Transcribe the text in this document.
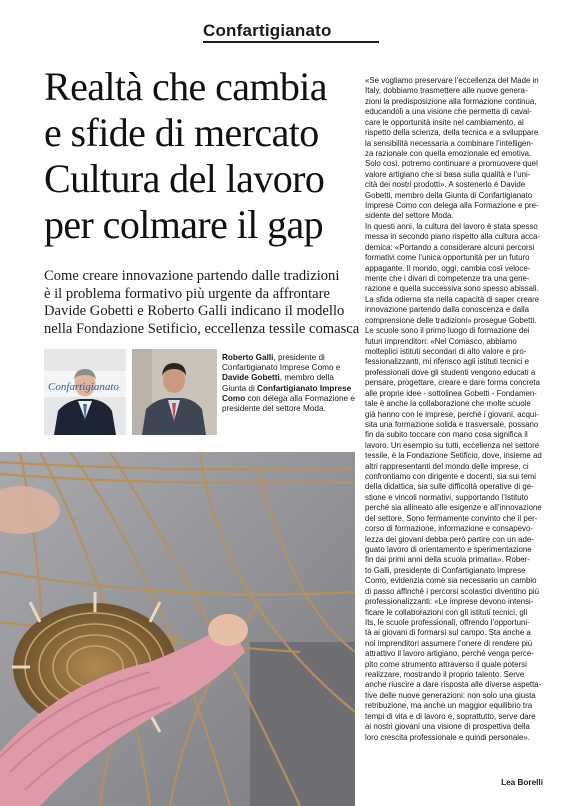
Confartigianato
Realtà che cambia
e sfide di mercato
Cultura del lavoro
per colmare il gap
Come creare innovazione partendo dalle tradizioni
è il problema formativo più urgente da affrontare
Davide Gobetti e Roberto Galli indicano il modello
nella Fondazione Setificio, eccellenza tessile comasca
Confartigianato
Roberto Galli, presidente di Confartigianato Imprese Como e Davide Gobetti, membro della Giunta di Confartigianato Imprese Como con delega alla Formazione e presidente del settore Moda.
«Se vogliamo preservare l’eccellenza del Made in
Italy, dobbiamo trasmettere alle nuove genera-
zioni la predisposizione alla formazione continua,
educandoli a una visione che permetta di caval-
care le opportunità insite nel cambiamento, al
rispetto della scienza, della tecnica e a sviluppare
la sensibilità necessaria a combinare l’intelligen-
za razionale con quella emozionale ed emotiva.
Solo così, potremo continuare a promuovere quel
valore artigiano che si basa sulla qualità e l’uni-
cità dei nostri prodotti». A sostenerlo è Davide
Gobetti, membro della Giunta di Confartigianato
Imprese Como con delega alla Formazione e pre-
sidente del settore Moda.
In questi anni, la cultura del lavoro è stata spesso
messa in secondo piano rispetto alla cultura acca-
demica: «Portando a considerare alcuni percorsi
formativi come l’unica opportunità per un futuro
appagante. Il mondo, oggi, cambia così veloce-
mente che i divari di competenze tra una gene-
razione e quella successiva sono spesso abissali.
La sfida odierna sta nella capacità di saper creare
innovazione partendo dalla conoscenza e dalla
comprensione delle tradizioni» prosegue Gobetti.
Le scuole sono il primo luogo di formazione dei
futuri imprenditori: «Nel Comasco, abbiamo
molteplici istituti secondari di alto valore e pro-
fessionalizzanti, mi riferisco agli istituti tecnici e
professionali dove gli studenti vengono educati a
pensare, progettare, creare e dare forma concreta
alle proprie idee - sottolinea Gobetti - Fondamen-
tale è anche la collaborazione che molte scuole
già hanno con le imprese, perché i giovani, acqui-
sita una formazione solida e trasversale, possano
fin da subito toccare con mano cosa significa il
lavoro. Un esempio su tutti, eccellenza nel settore
tessile, è la Fondazione Setificio, dove, insieme ad
altri rappresentanti del mondo delle imprese, ci
confrontiamo con dirigente e docenti, sia sui temi
della didattica, sia sulle difficoltà operative di ge-
stione e vincoli normativi, supportando l’Istituto
perché sia allineato alle esigenze e all’innovazione
del settore. Sono fermamente convinto che il per-
corso di formazione, informazione e consapevo-
lezza dei giovani debba però partire con un ade-
guato lavoro di orientamento e sperimentazione
fin dai primi anni della scuola primaria». Rober-
to Galli, presidente di Confartigianato Imprese
Como, evidenzia come sia necessario un cambio
di passo affinché i percorsi scolastici diventino più
professionalizzanti: «Le imprese devono intensi-
ficare le collaborazioni con gli istituti tecnici, gli
Its, le scuole professionali, offrendo l’opportuni-
tà ai giovani di formarsi sul campo. Sta anche a
noi imprenditori assumere l’onere di rendere più
attrattivo il lavoro artigiano, perché venga perce-
pito come strumento attraverso il quale potersi
realizzare, mostrando il proprio talento. Serve
anche riuscire a dare risposta alle diverse aspetta-
tive delle nuove generazioni: non solo una giusta
retribuzione, ma anche un maggior equilibrio tra
tempi di vita e di lavoro e, soprattutto, serve dare
ai nostri giovani una visione di prospettiva della
loro crescita professionale e quindi personale».
Lea Borelli
